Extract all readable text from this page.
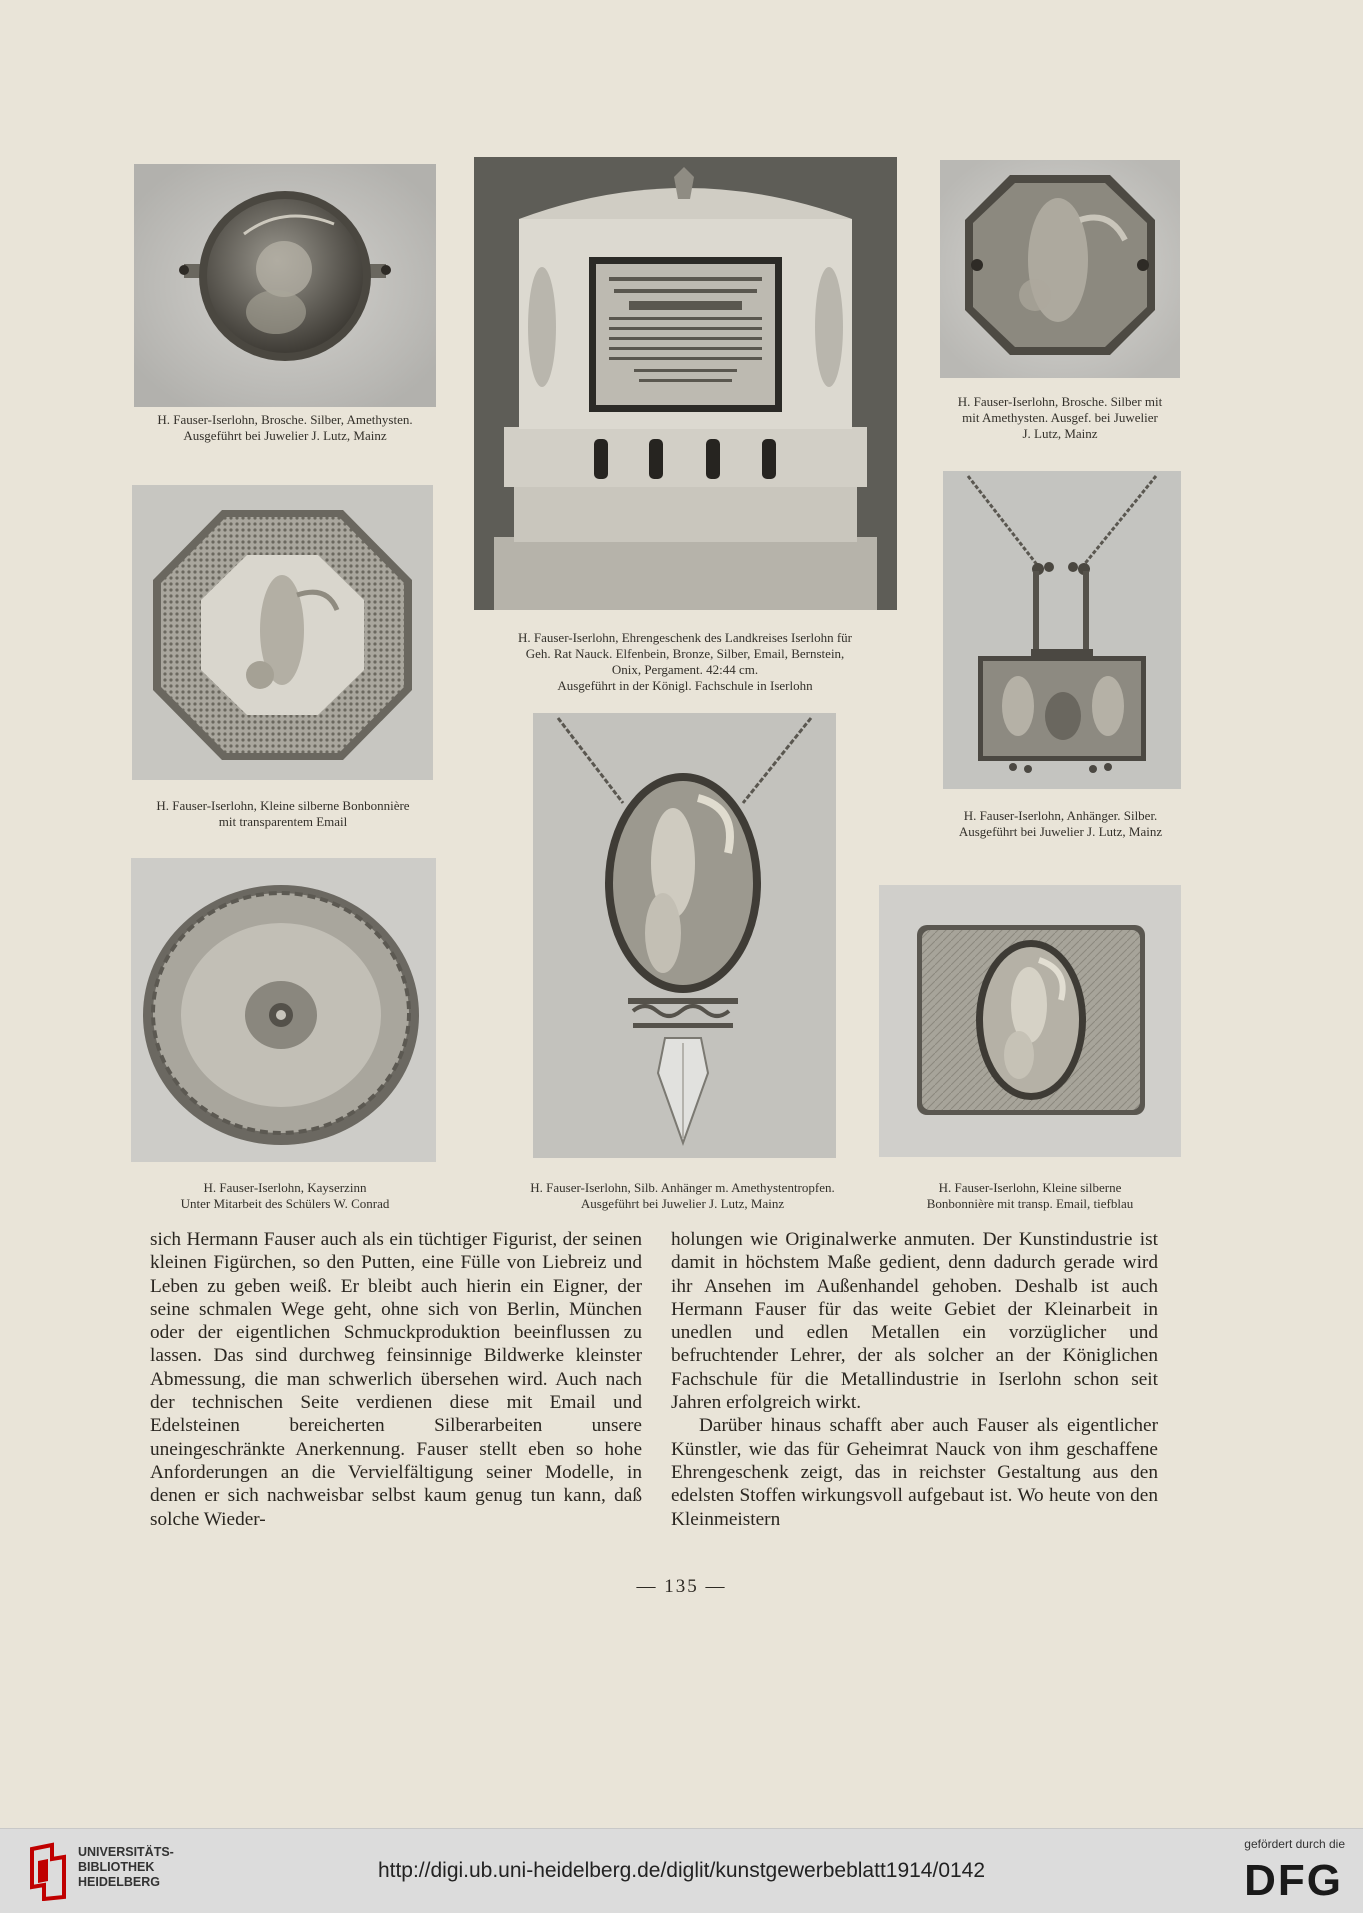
H. Fauser-Iserlohn, Brosche. Silber, Amethysten.
Ausgeführt bei Juwelier J. Lutz, Mainz
H. Fauser-Iserlohn, Ehrengeschenk des Landkreises Iserlohn für
Geh. Rat Nauck. Elfenbein, Bronze, Silber, Email, Bernstein,
Onix, Pergament. 42:44 cm.
Ausgeführt in der Königl. Fachschule in Iserlohn
H. Fauser-Iserlohn, Brosche. Silber mit
mit Amethysten. Ausgef. bei Juwelier
J. Lutz, Mainz
H. Fauser-Iserlohn, Kleine silberne Bonbonnière
mit transparentem Email	H. Fauser-Iserlohn, Anhänger. Silber.
Ausgeführt bei Juwelier J. Lutz, Mainz
H. Fauser-Iserlohn, Kayserzinn
Unter Mitarbeit des Schülers W. Conrad
H. Fauser-Iserlohn, Silb. Anhänger m. Amethystentropfen.
Ausgeführt bei Juwelier J. Lutz, Mainz
H. Fauser-Iserlohn, Kleine silberne
Bonbonnière mit transp. Email, tiefblau

sich Hermann Fauser auch als ein tüchtiger Figurist, der seinen kleinen Figürchen, so den Putten, eine Fülle von Liebreiz und Leben zu geben weiß. Er bleibt auch hierin ein Eigner, der seine schmalen Wege geht, ohne sich von Berlin, München oder der eigentlichen Schmuckproduktion beeinflussen zu lassen. Das sind durchweg feinsinnige Bildwerke kleinster Abmessung, die man schwerlich übersehen wird. Auch nach der technischen Seite verdienen diese mit Email und Edelsteinen bereicherten Silberarbeiten unsere uneingeschränkte Anerkennung. Fauser stellt eben so hohe Anforderungen an die Vervielfältigung seiner Modelle, in denen er sich nachweisbar selbst kaum genug tun kann, daß solche Wieder-

holungen wie Originalwerke anmuten. Der Kunstindustrie ist damit in höchstem Maße gedient, denn dadurch gerade wird ihr Ansehen im Außenhandel gehoben. Deshalb ist auch Hermann Fauser für das weite Gebiet der Kleinarbeit in unedlen und edlen Metallen ein vorzüglicher und befruchtender Lehrer, der als solcher an der Königlichen Fachschule für die Metallindustrie in Iserlohn schon seit Jahren erfolgreich wirkt.

Darüber hinaus schafft aber auch Fauser als eigentlicher Künstler, wie das für Geheimrat Nauck von ihm geschaffene Ehrengeschenk zeigt, das in reichster Gestaltung aus den edelsten Stoffen wirkungsvoll aufgebaut ist. Wo heute von den Kleinmeistern

— 135 —
UNIVERSITÄTS-
BIBLIOTHEK
HEIDELBERG	http://digi.ub.uni-heidelberg.de/diglit/kunstgewerbeblatt1914/0142
gefördert durch die
DFG
